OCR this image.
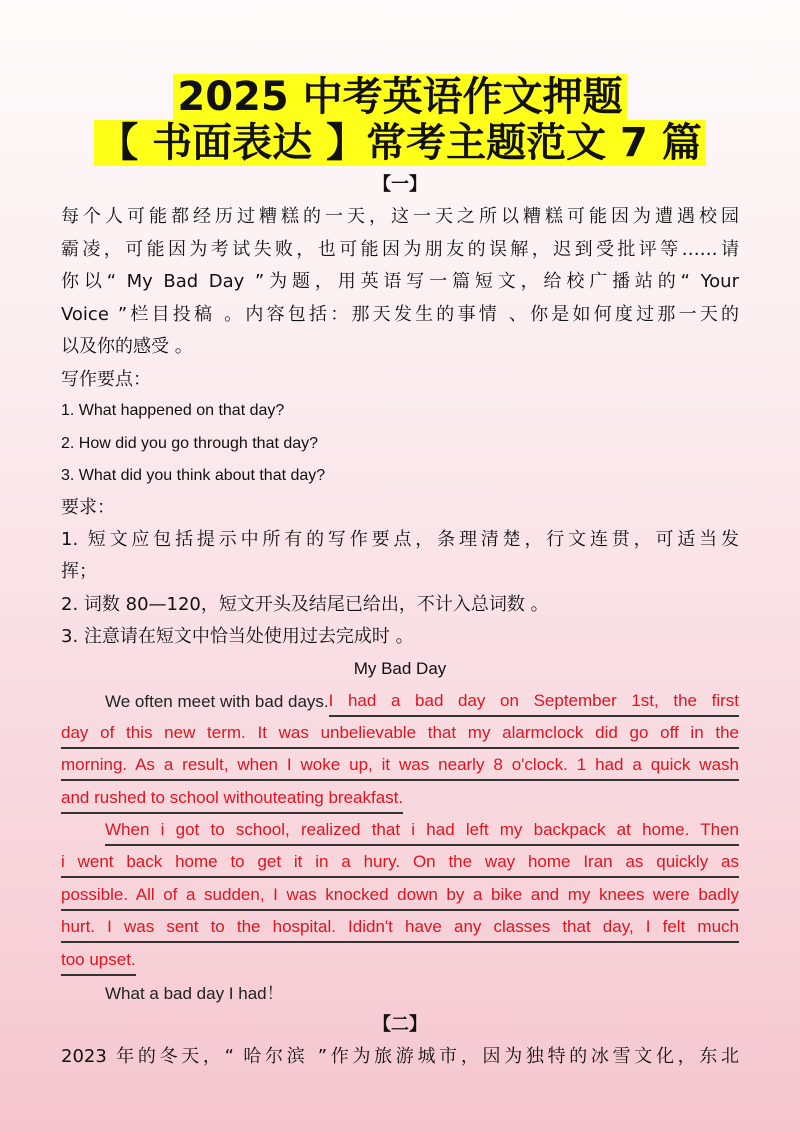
2025 中考英语作文押题
【 书面表达 】常考主题范文 7 篇
【一】
每个人可能都经历过糟糕的一天，这一天之所以糟糕可能因为遭遇校园
霸凌，可能因为考试失败，也可能因为朋友的误解，迟到受批评等……请
你以“ My Bad Day ”为题，用英语写一篇短文，给校广播站的“ Your
Voice ”栏目投稿 。内容包括：那天发生的事情 、你是如何度过那一天的
以及你的感受 。
写作要点：
1. What happened on that day?
2. How did you go through that day?
3. What did you think about that day?
要求：
1. 短文应包括提示中所有的写作要点，条理清楚，行文连贯，可适当发
挥；
2. 词数 80—120，短文开头及结尾已给出，不计入总词数 。
3. 注意请在短文中恰当处使用过去完成时 。
My Bad Day
We often meet with bad days. I had a bad day on September 1st, the first
day of this new term. It was unbelievable that my alarmclock did go off in the
morning. As a result, when I woke up, it was nearly 8 o'clock. 1 had a quick wash
and rushed to school withouteating breakfast.
When i got to school, realized that i had left my backpack at home. Then
i went back home to get it in a hury. On the way home Iran as quickly as
possible. All of a sudden, I was knocked down by a bike and my knees were badly
hurt. I was sent to the hospital. Ididn't have any classes that day, I felt much
too upset.
What a bad day I had！
【二】
2023 年的冬天，“ 哈尔滨 ”作为旅游城市，因为独特的冰雪文化，东北
